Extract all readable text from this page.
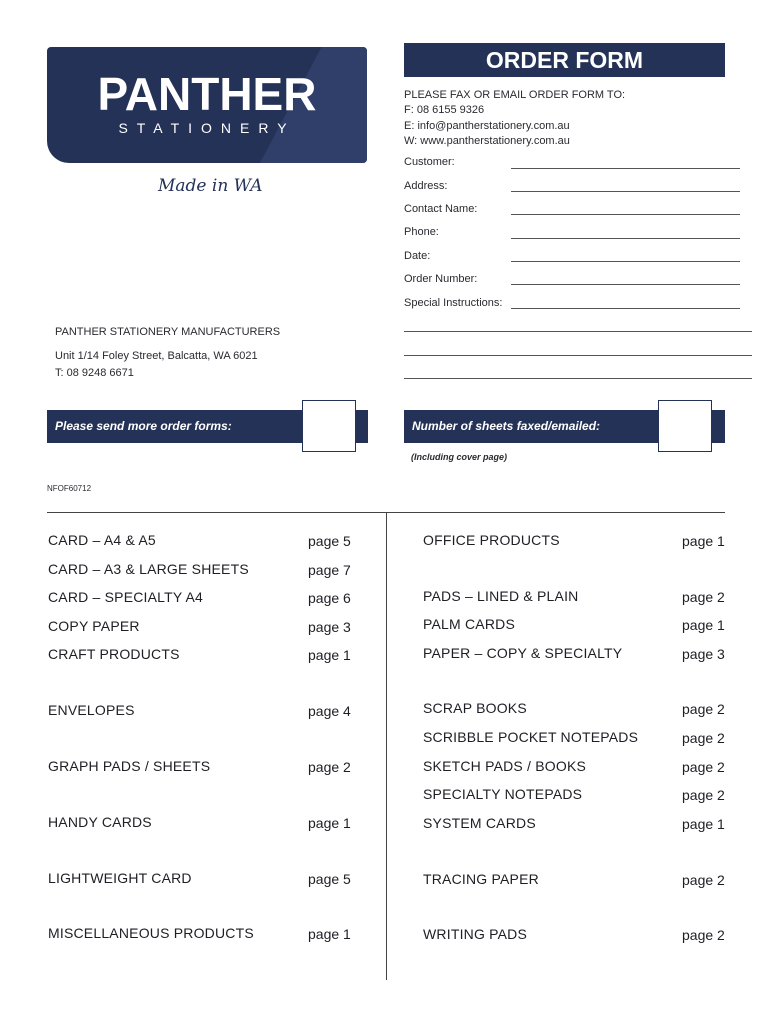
PANTHER
STATIONERY
Made in WA
ORDER FORM
PLEASE FAX OR EMAIL ORDER FORM TO:
F: 08 6155 9326
E: info@pantherstationery.com.au
W: www.pantherstationery.com.au
Customer:
Address:
Contact Name:
Phone:
Date:
Order Number:
Special Instructions:
PANTHER STATIONERY MANUFACTURERS
Unit 1/14 Foley Street, Balcatta, WA 6021
T: 08 9248 6671
Please send more order forms:	Number of sheets faxed/emailed:
(Including cover page)
NFOF60712
CARD – A4 & A5	page 5
CARD – A3 & LARGE SHEETS	page 7
CARD – SPECIALTY A4	page 6
COPY PAPER	page 3
CRAFT PRODUCTS	page 1
ENVELOPES	page 4
GRAPH PADS / SHEETS	page 2
HANDY CARDS	page 1
LIGHTWEIGHT CARD	page 5
MISCELLANEOUS PRODUCTS	page 1
OFFICE PRODUCTS	page 1
PADS – LINED & PLAIN	page 2
PALM CARDS	page 1
PAPER – COPY & SPECIALTY	page 3
SCRAP BOOKS	page 2
SCRIBBLE POCKET NOTEPADS	page 2
SKETCH PADS / BOOKS	page 2
SPECIALTY NOTEPADS	page 2
SYSTEM CARDS	page 1
TRACING PAPER	page 2
WRITING PADS	page 2
